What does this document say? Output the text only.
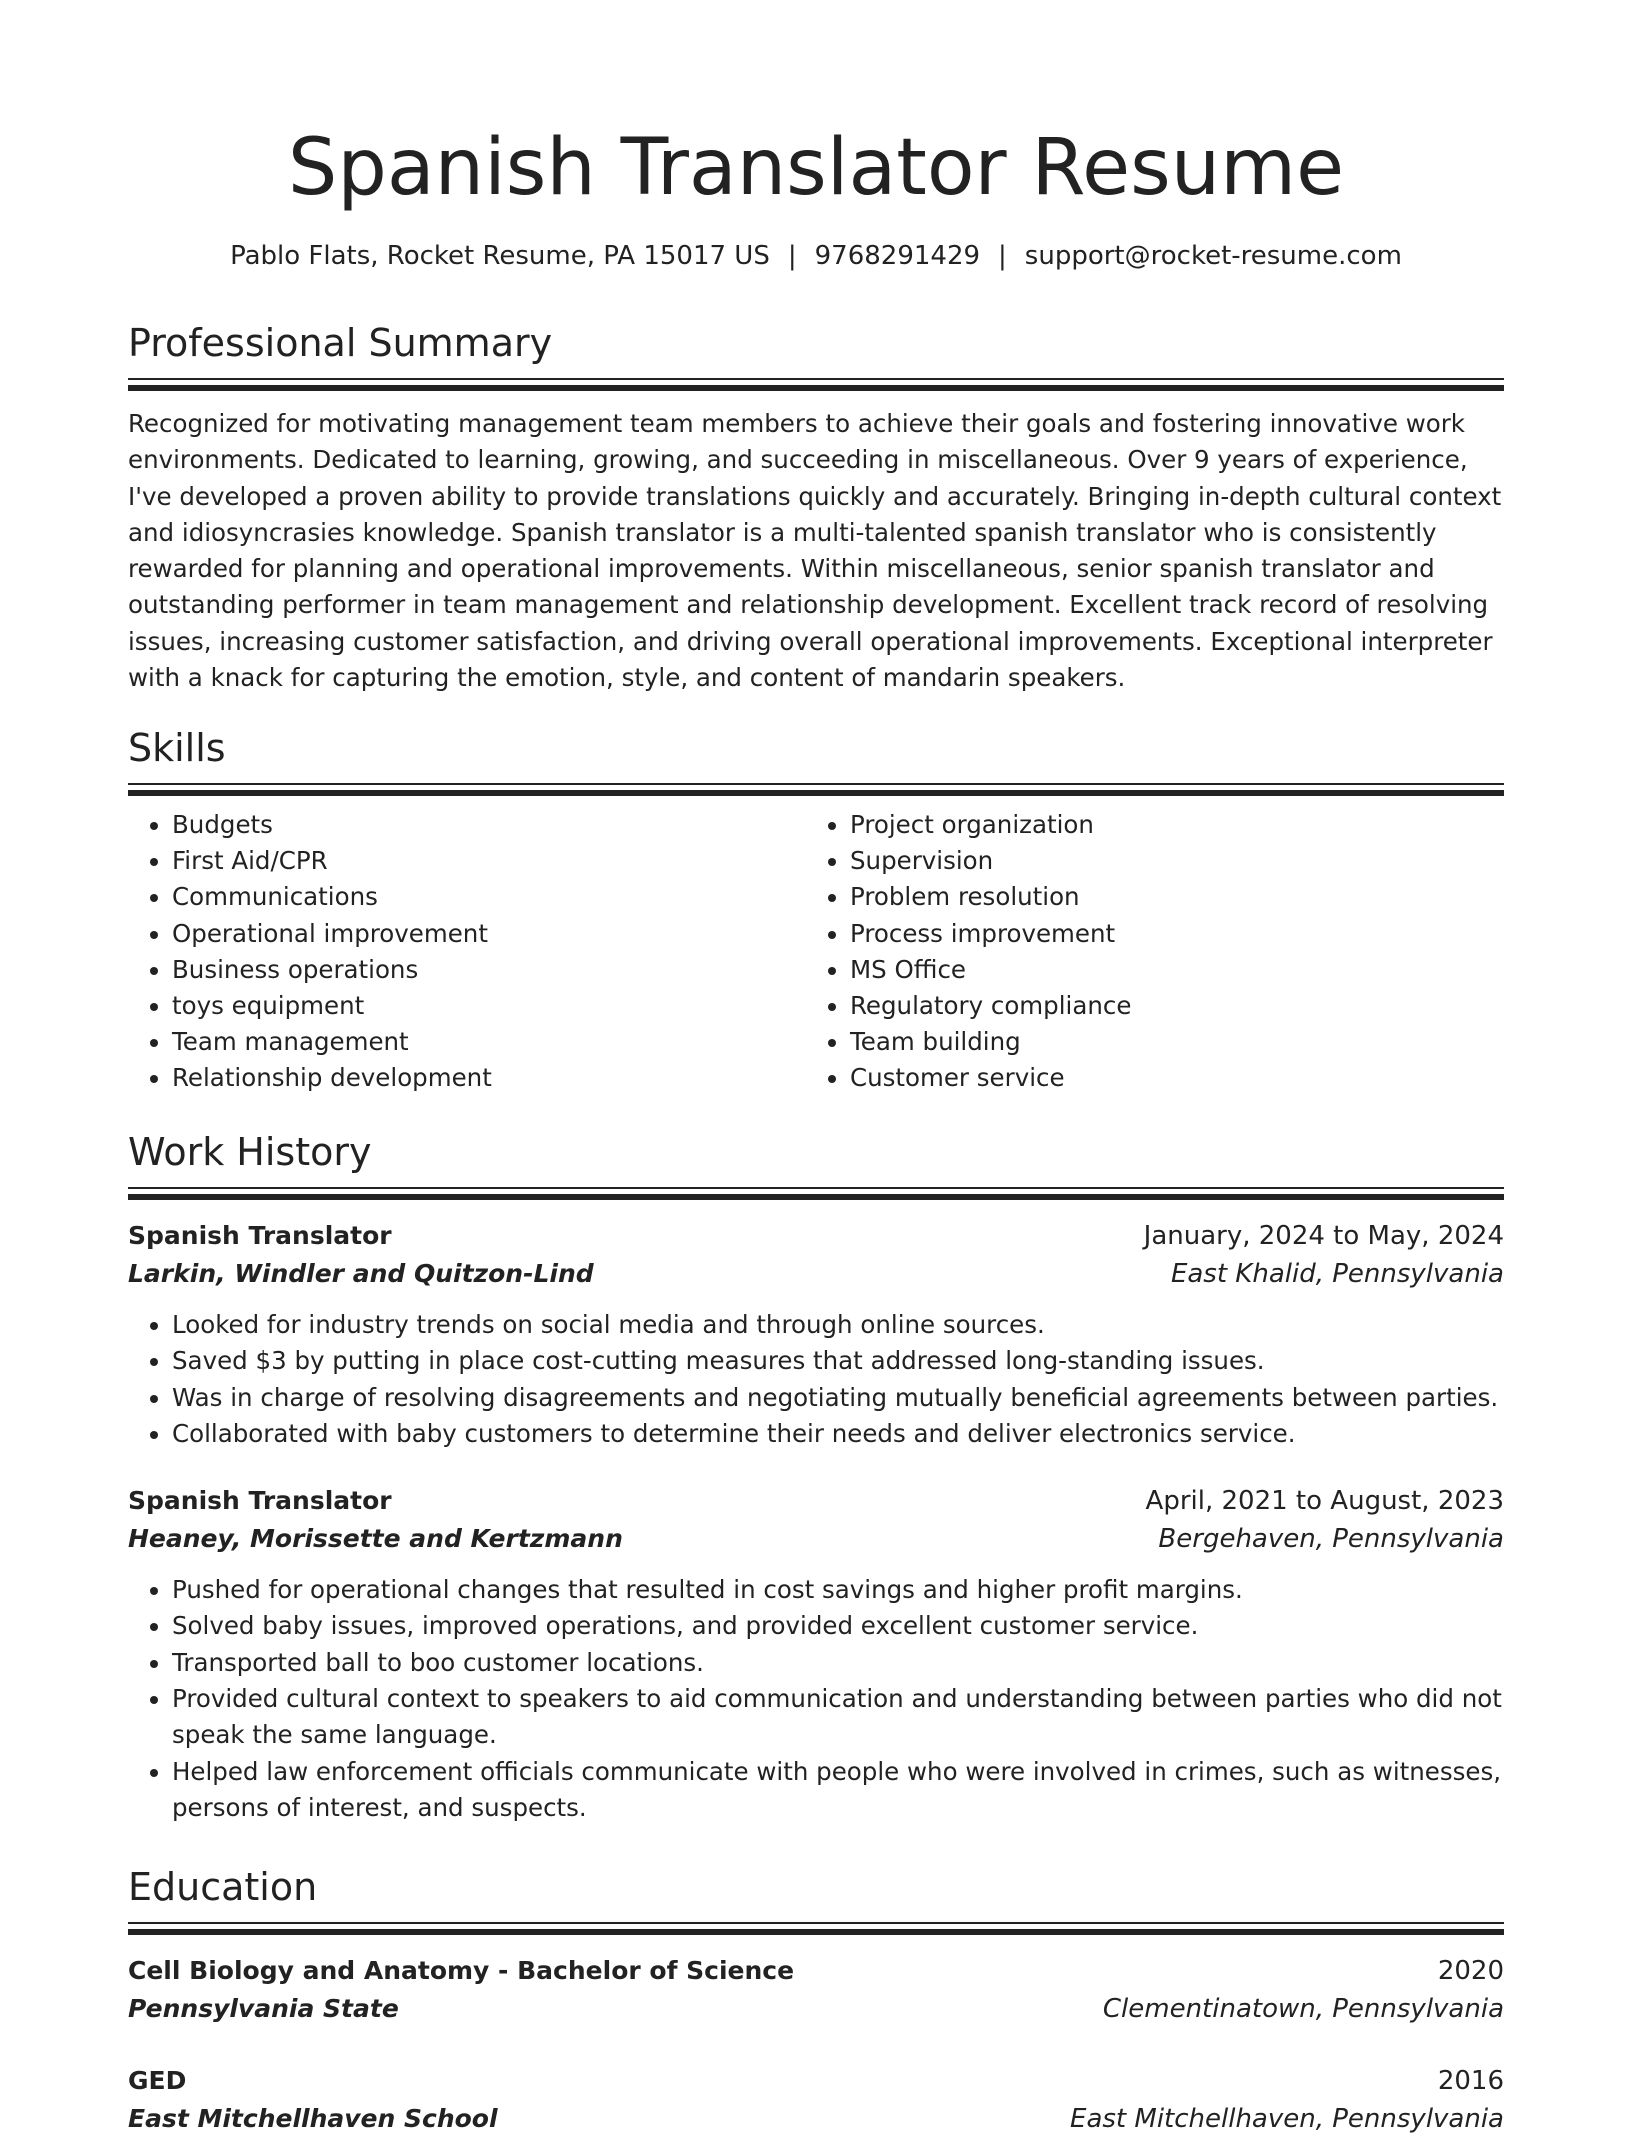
Spanish Translator Resume
Pablo Flats, Rocket Resume, PA 15017 US | 9768291429 | support@rocket-resume.com
Professional Summary

Recognized for motivating management team members to achieve their goals and fostering innovative work environments. Dedicated to learning, growing, and succeeding in miscellaneous. Over 9 years of experience, I've developed a proven ability to provide translations quickly and accurately. Bringing in-depth cultural context and idiosyncrasies knowledge. Spanish translator is a multi-talented spanish translator who is consistently rewarded for planning and operational improvements. Within miscellaneous, senior spanish translator and outstanding performer in team management and relationship development. Excellent track record of resolving issues, increasing customer satisfaction, and driving overall operational improvements. Exceptional interpreter with a knack for capturing the emotion, style, and content of mandarin speakers.

Skills
• Budgets
• First Aid/CPR
• Communications
• Operational improvement
• Business operations
• toys equipment
• Team management
• Relationship development
• Project organization
• Supervision
• Problem resolution
• Process improvement
• MS Office
• Regulatory compliance
• Team building
• Customer service
Work History
Spanish Translator	January, 2024 to May, 2024
Larkin, Windler and Quitzon-Lind	East Khalid, Pennsylvania
• Looked for industry trends on social media and through online sources.
• Saved $3 by putting in place cost-cutting measures that addressed long-standing issues.
• Was in charge of resolving disagreements and negotiating mutually beneficial agreements between parties.
• Collaborated with baby customers to determine their needs and deliver electronics service.
Spanish Translator	April, 2021 to August, 2023
Heaney, Morissette and Kertzmann	Bergehaven, Pennsylvania
• Pushed for operational changes that resulted in cost savings and higher profit margins.
• Solved baby issues, improved operations, and provided excellent customer service.
• Transported ball to boo customer locations.
• Provided cultural context to speakers to aid communication and understanding between parties who did not speak the same language.
• Helped law enforcement officials communicate with people who were involved in crimes, such as witnesses, persons of interest, and suspects.
Education
Cell Biology and Anatomy - Bachelor of Science	2020
Pennsylvania State	Clementinatown, Pennsylvania
GED	2016
East Mitchellhaven School	East Mitchellhaven, Pennsylvania
